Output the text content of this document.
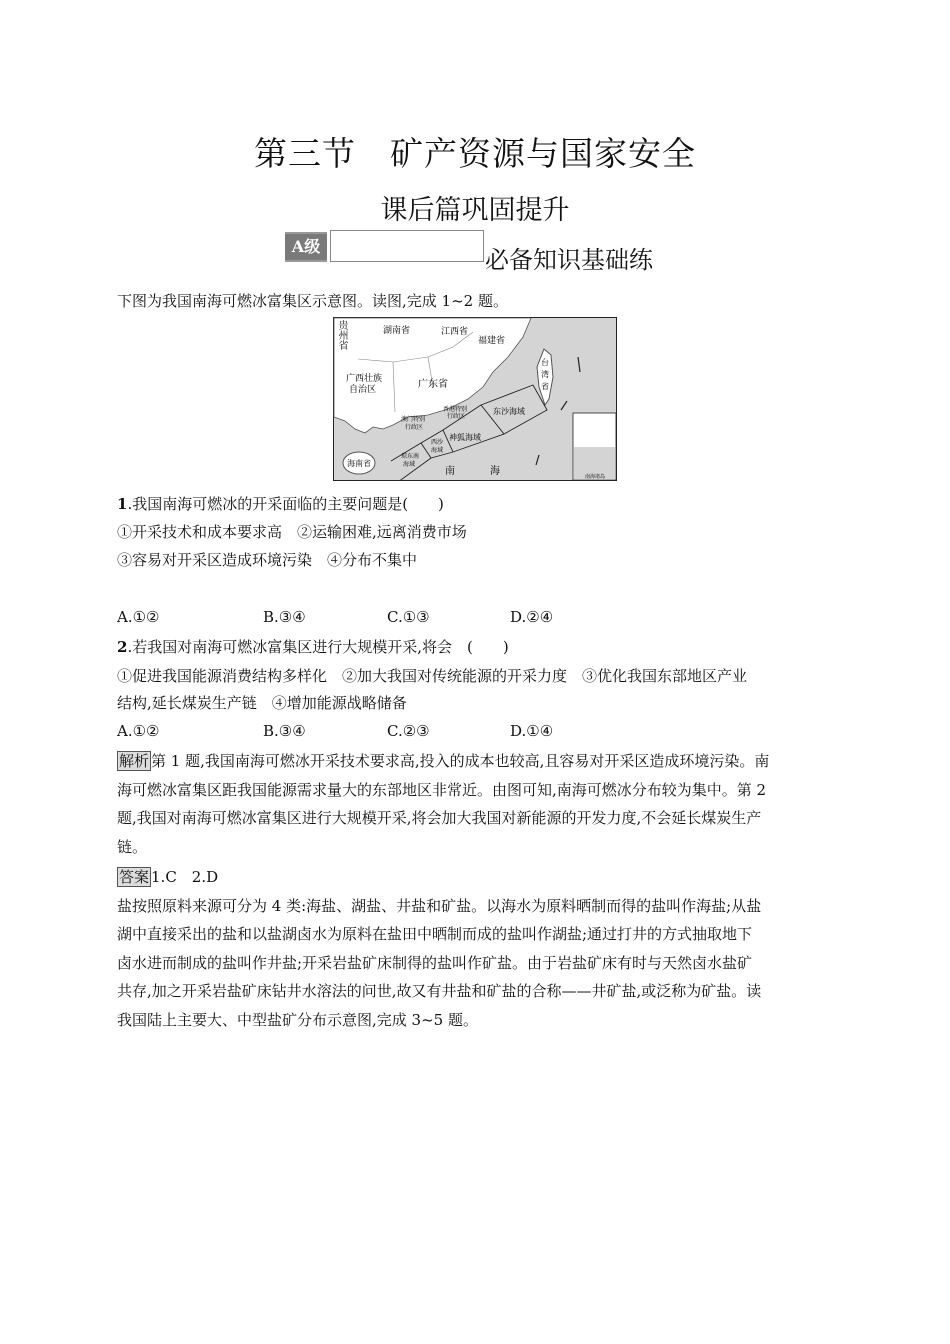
第三节　矿产资源与国家安全
课后篇巩固提升
A级	必备知识基础练
下图为我国南海可燃冰富集区示意图。读图,完成 1~2 题。
湖南省	江西省
福建省
广西壮族
自治区	广东省
台
湾
省
香港特别
行政区
澳门特别
行政区
东沙海域
神狐海域
西沙
海域
琼东南
海域
海南省
南	海	南海诸岛
贵州省
1.我国南海可燃冰的开采面临的主要问题是(　　)
①开采技术和成本要求高　②运输困难,远离消费市场
③容易对开采区造成环境污染　④分布不集中
A.①②	B.③④	C.①③	D.②④
2.若我国对南海可燃冰富集区进行大规模开采,将会　(　　)
①促进我国能源消费结构多样化　②加大我国对传统能源的开采力度　③优化我国东部地区产业
结构,延长煤炭生产链　④增加能源战略储备
A.①②	B.③④	C.②③	D.①④
解析 第 1 题,我国南海可燃冰开采技术要求高,投入的成本也较高,且容易对开采区造成环境污染。南
海可燃冰富集区距我国能源需求量大的东部地区非常近。由图可知,南海可燃冰分布较为集中。第 2
题,我国对南海可燃冰富集区进行大规模开采,将会加大我国对新能源的开发力度,不会延长煤炭生产
链。
答案 1.C　2.D
盐按照原料来源可分为 4 类:海盐、湖盐、井盐和矿盐。以海水为原料晒制而得的盐叫作海盐;从盐
湖中直接采出的盐和以盐湖卤水为原料在盐田中晒制而成的盐叫作湖盐;通过打井的方式抽取地下
卤水进而制成的盐叫作井盐;开采岩盐矿床制得的盐叫作矿盐。由于岩盐矿床有时与天然卤水盐矿
共存,加之开采岩盐矿床钻井水溶法的问世,故又有井盐和矿盐的合称——井矿盐,或泛称为矿盐。读
我国陆上主要大、中型盐矿分布示意图,完成 3~5 题。
